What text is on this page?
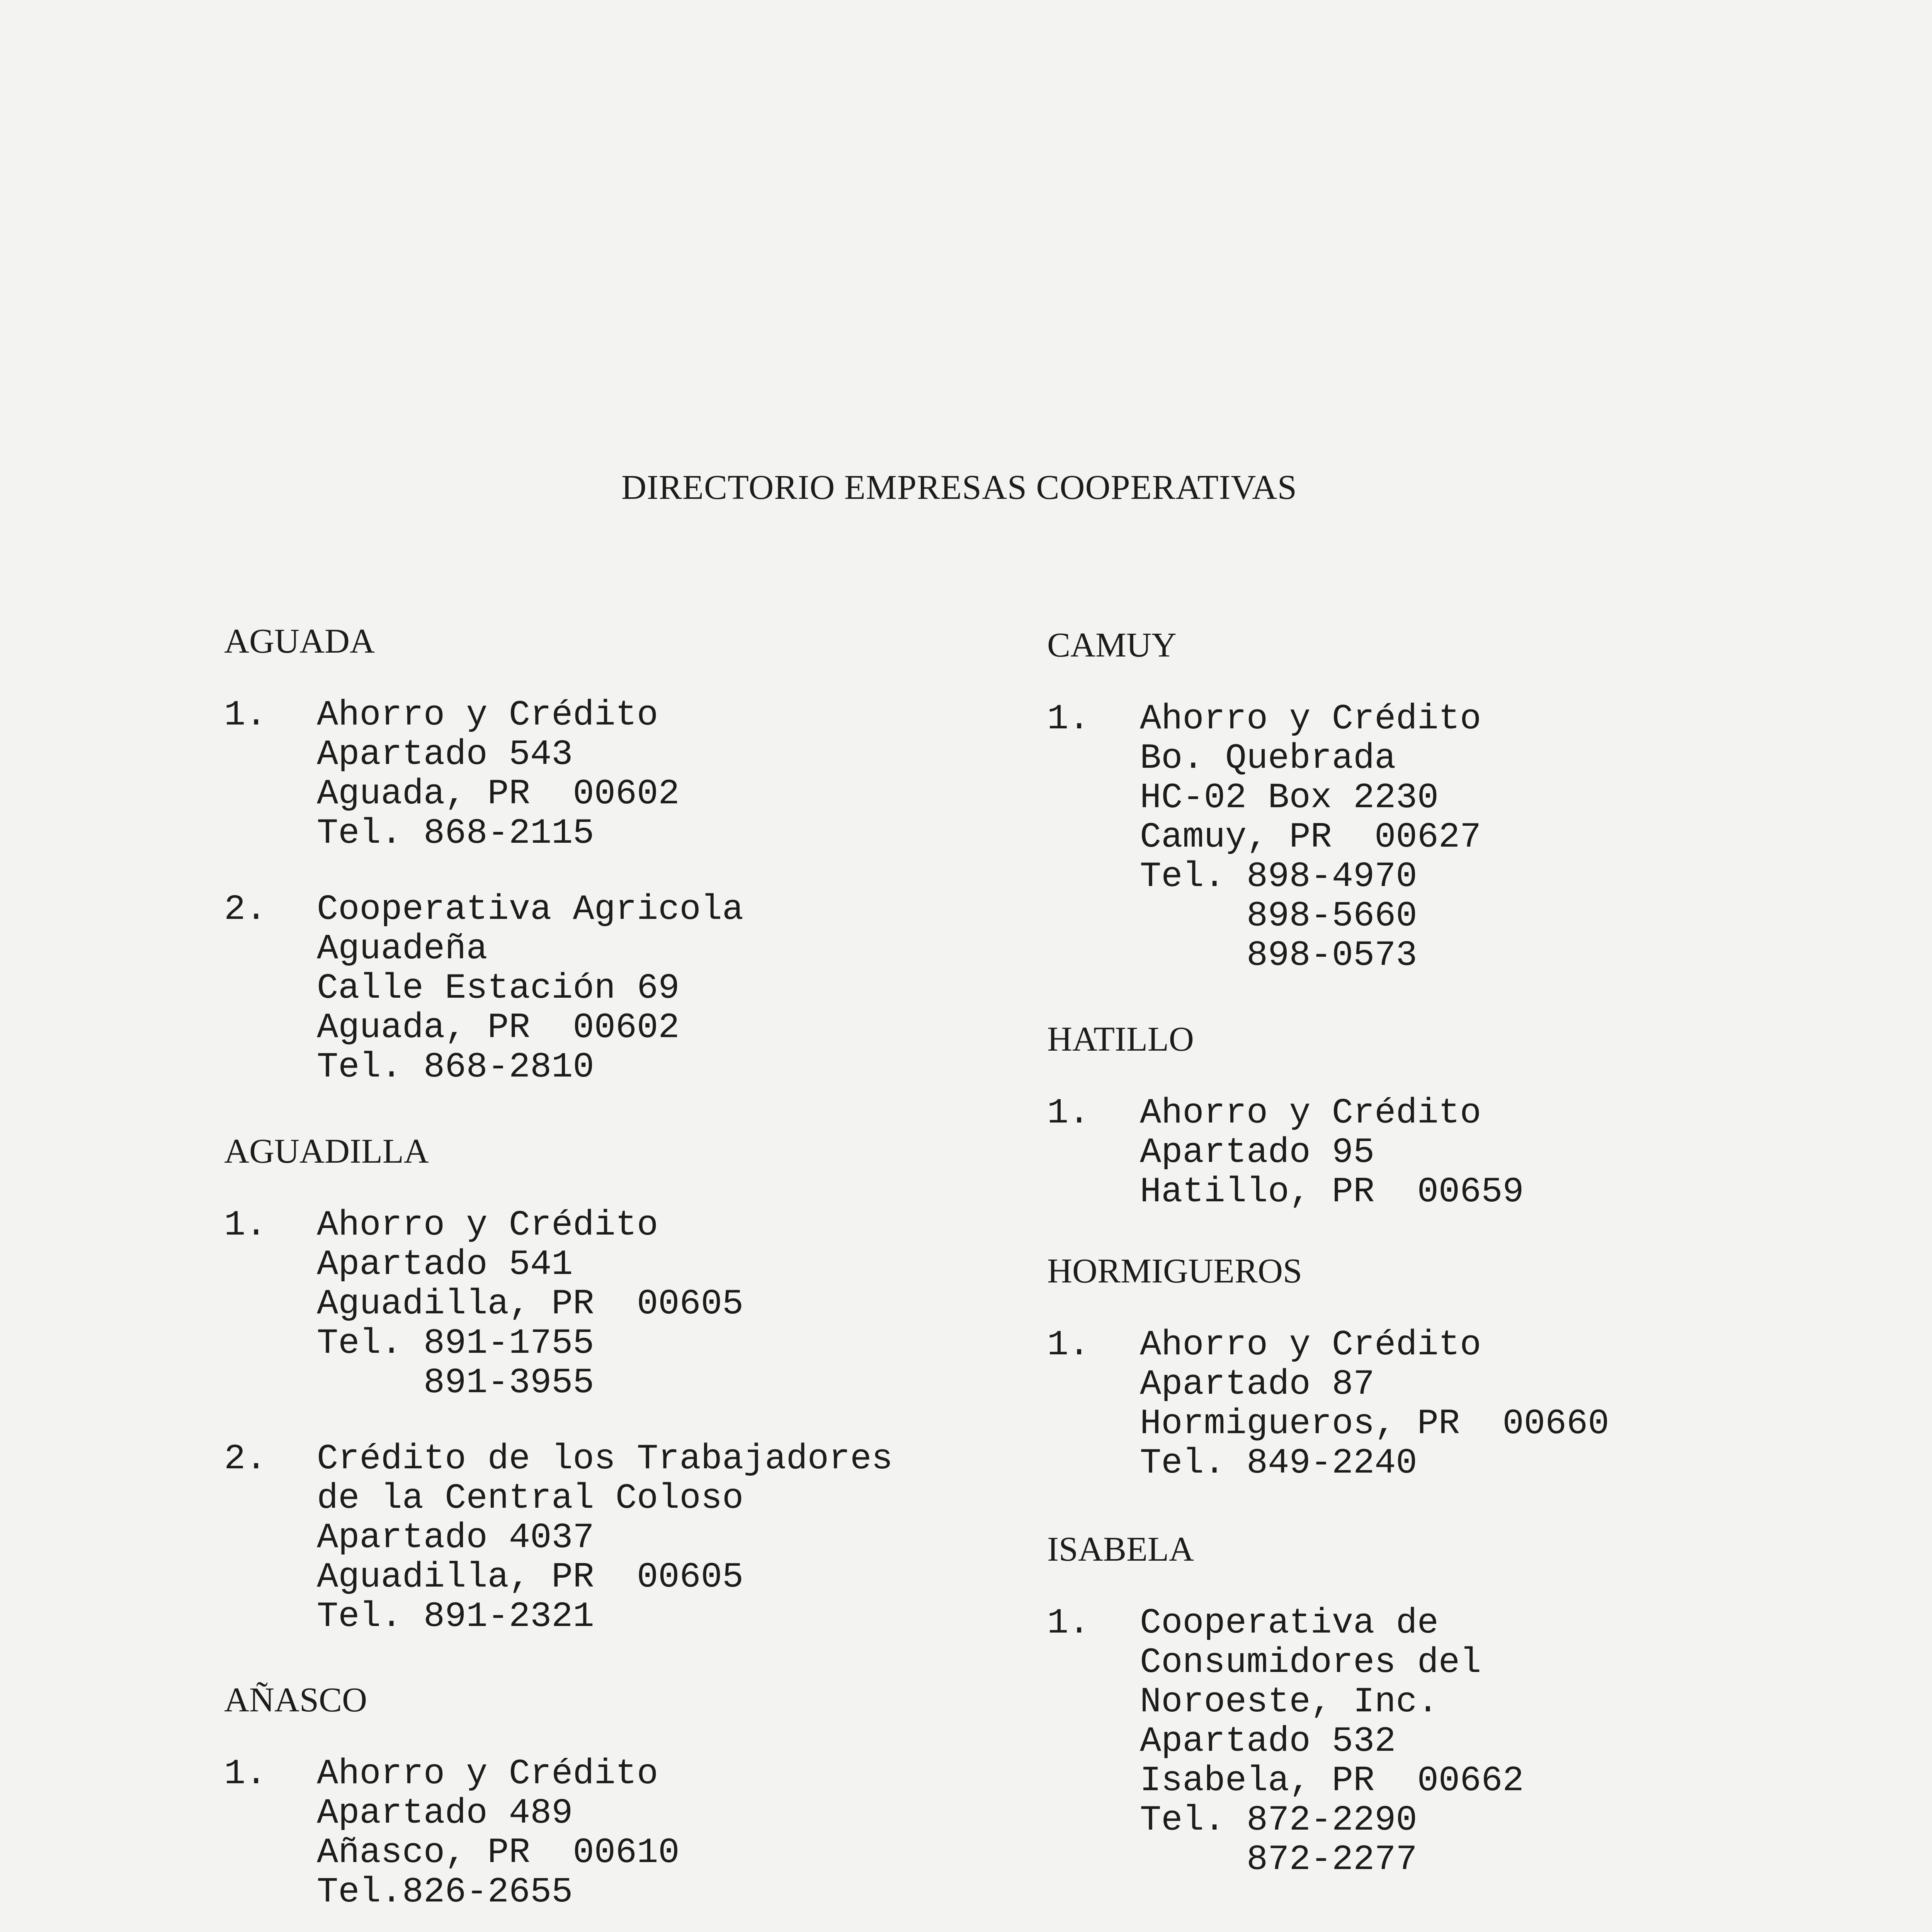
DIRECTORIO EMPRESAS COOPERATIVAS
AGUADA
1.	Ahorro y Crédito
Apartado 543
Aguada, PR  00602
Tel. 868-2115
2.	Cooperativa Agricola
Aguadeña
Calle Estación 69
Aguada, PR  00602
Tel. 868-2810
AGUADILLA
1.	Ahorro y Crédito
Apartado 541
Aguadilla, PR  00605
Tel. 891-1755
891-3955
2.	Crédito de los Trabajadores
de la Central Coloso
Apartado 4037
Aguadilla, PR  00605
Tel. 891-2321
AÑASCO
1.	Ahorro y Crédito
Apartado 489
Añasco, PR  00610
Tel.826-2655
CAMUY
1.	Ahorro y Crédito
Bo. Quebrada
HC-02 Box 2230
Camuy, PR  00627
Tel. 898-4970
898-5660
898-0573
HATILLO
1.	Ahorro y Crédito
Apartado 95
Hatillo, PR  00659
HORMIGUEROS
1.	Ahorro y Crédito
Apartado 87
Hormigueros, PR  00660
Tel. 849-2240
ISABELA
1.	Cooperativa de
Consumidores del
Noroeste, Inc.
Apartado 532
Isabela, PR  00662
Tel. 872-2290
872-2277
